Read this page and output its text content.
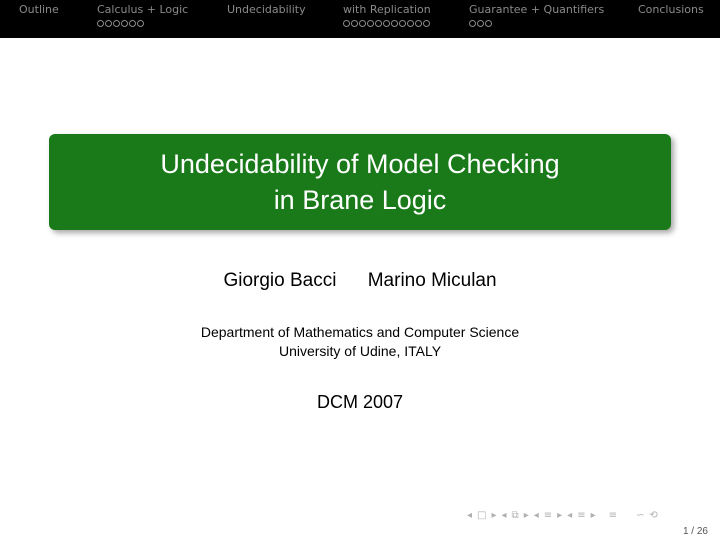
Outline	Calculus + Logic	Undecidability	with Replication	Guarantee + Quantifiers	Conclusions
Undecidability of Model Checking
in Brane Logic
Giorgio Bacci Marino Miculan
Department of Mathematics and Computer Science
University of Udine, ITALY
DCM 2007
◂ □ ▸ ◂ ⧉ ▸ ◂ ≡ ▸ ◂ ≡ ▸ ≡ ∽ ⟲
1 / 26
